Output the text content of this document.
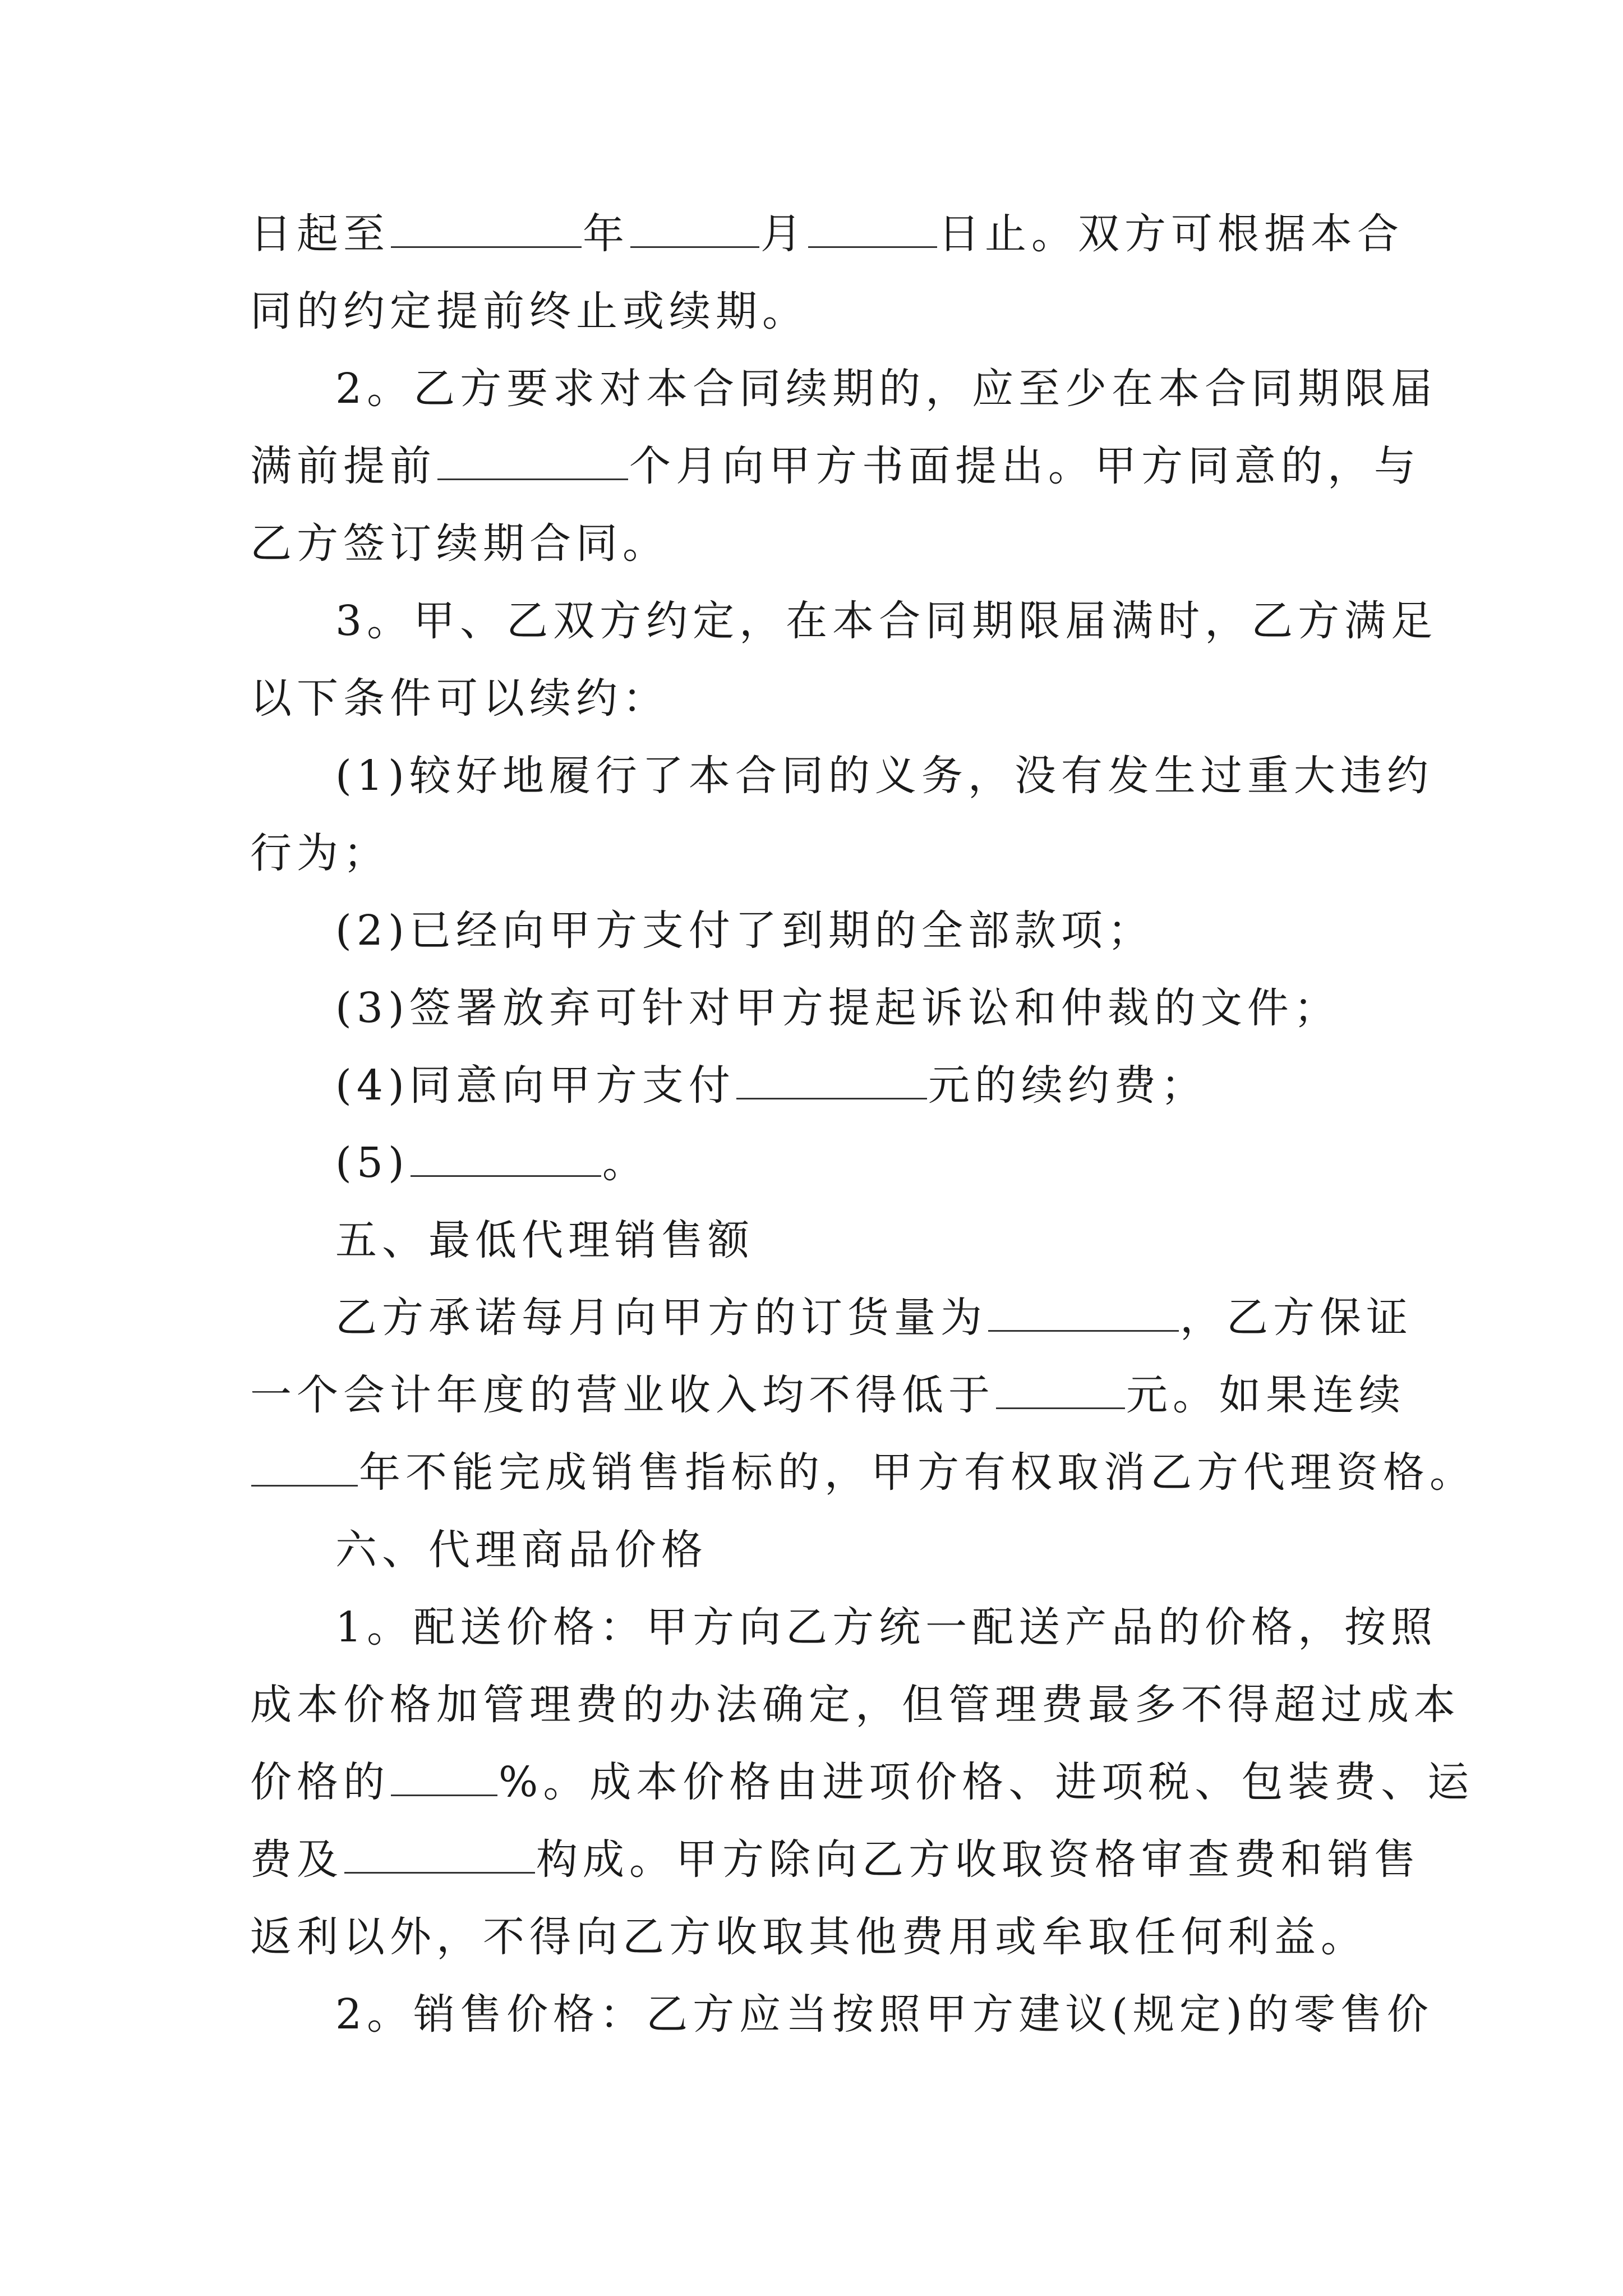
日起至	年	月	日止。双方可根据本合
同的约定提前终止或续期。
2。乙方要求对本合同续期的，应至少在本合同期限届
满前提前	个月向甲方书面提出。甲方同意的，与
乙方签订续期合同。
3。甲、乙双方约定，在本合同期限届满时，乙方满足
以下条件可以续约：
(1)较好地履行了本合同的义务，没有发生过重大违约
行为；
(2)已经向甲方支付了到期的全部款项；
(3)签署放弃可针对甲方提起诉讼和仲裁的文件；
(4)同意向甲方支付	元的续约费；
(5)	。
五、最低代理销售额
乙方承诺每月向甲方的订货量为	，乙方保证
一个会计年度的营业收入均不得低于	元。如果连续
年不能完成销售指标的，甲方有权取消乙方代理资格。
六、代理商品价格
1。配送价格：甲方向乙方统一配送产品的价格，按照
成本价格加管理费的办法确定，但管理费最多不得超过成本
价格的	%。成本价格由进项价格、进项税、包装费、运
费及	构成。甲方除向乙方收取资格审查费和销售
返利以外，不得向乙方收取其他费用或牟取任何利益。
2。销售价格：乙方应当按照甲方建议(规定)的零售价
